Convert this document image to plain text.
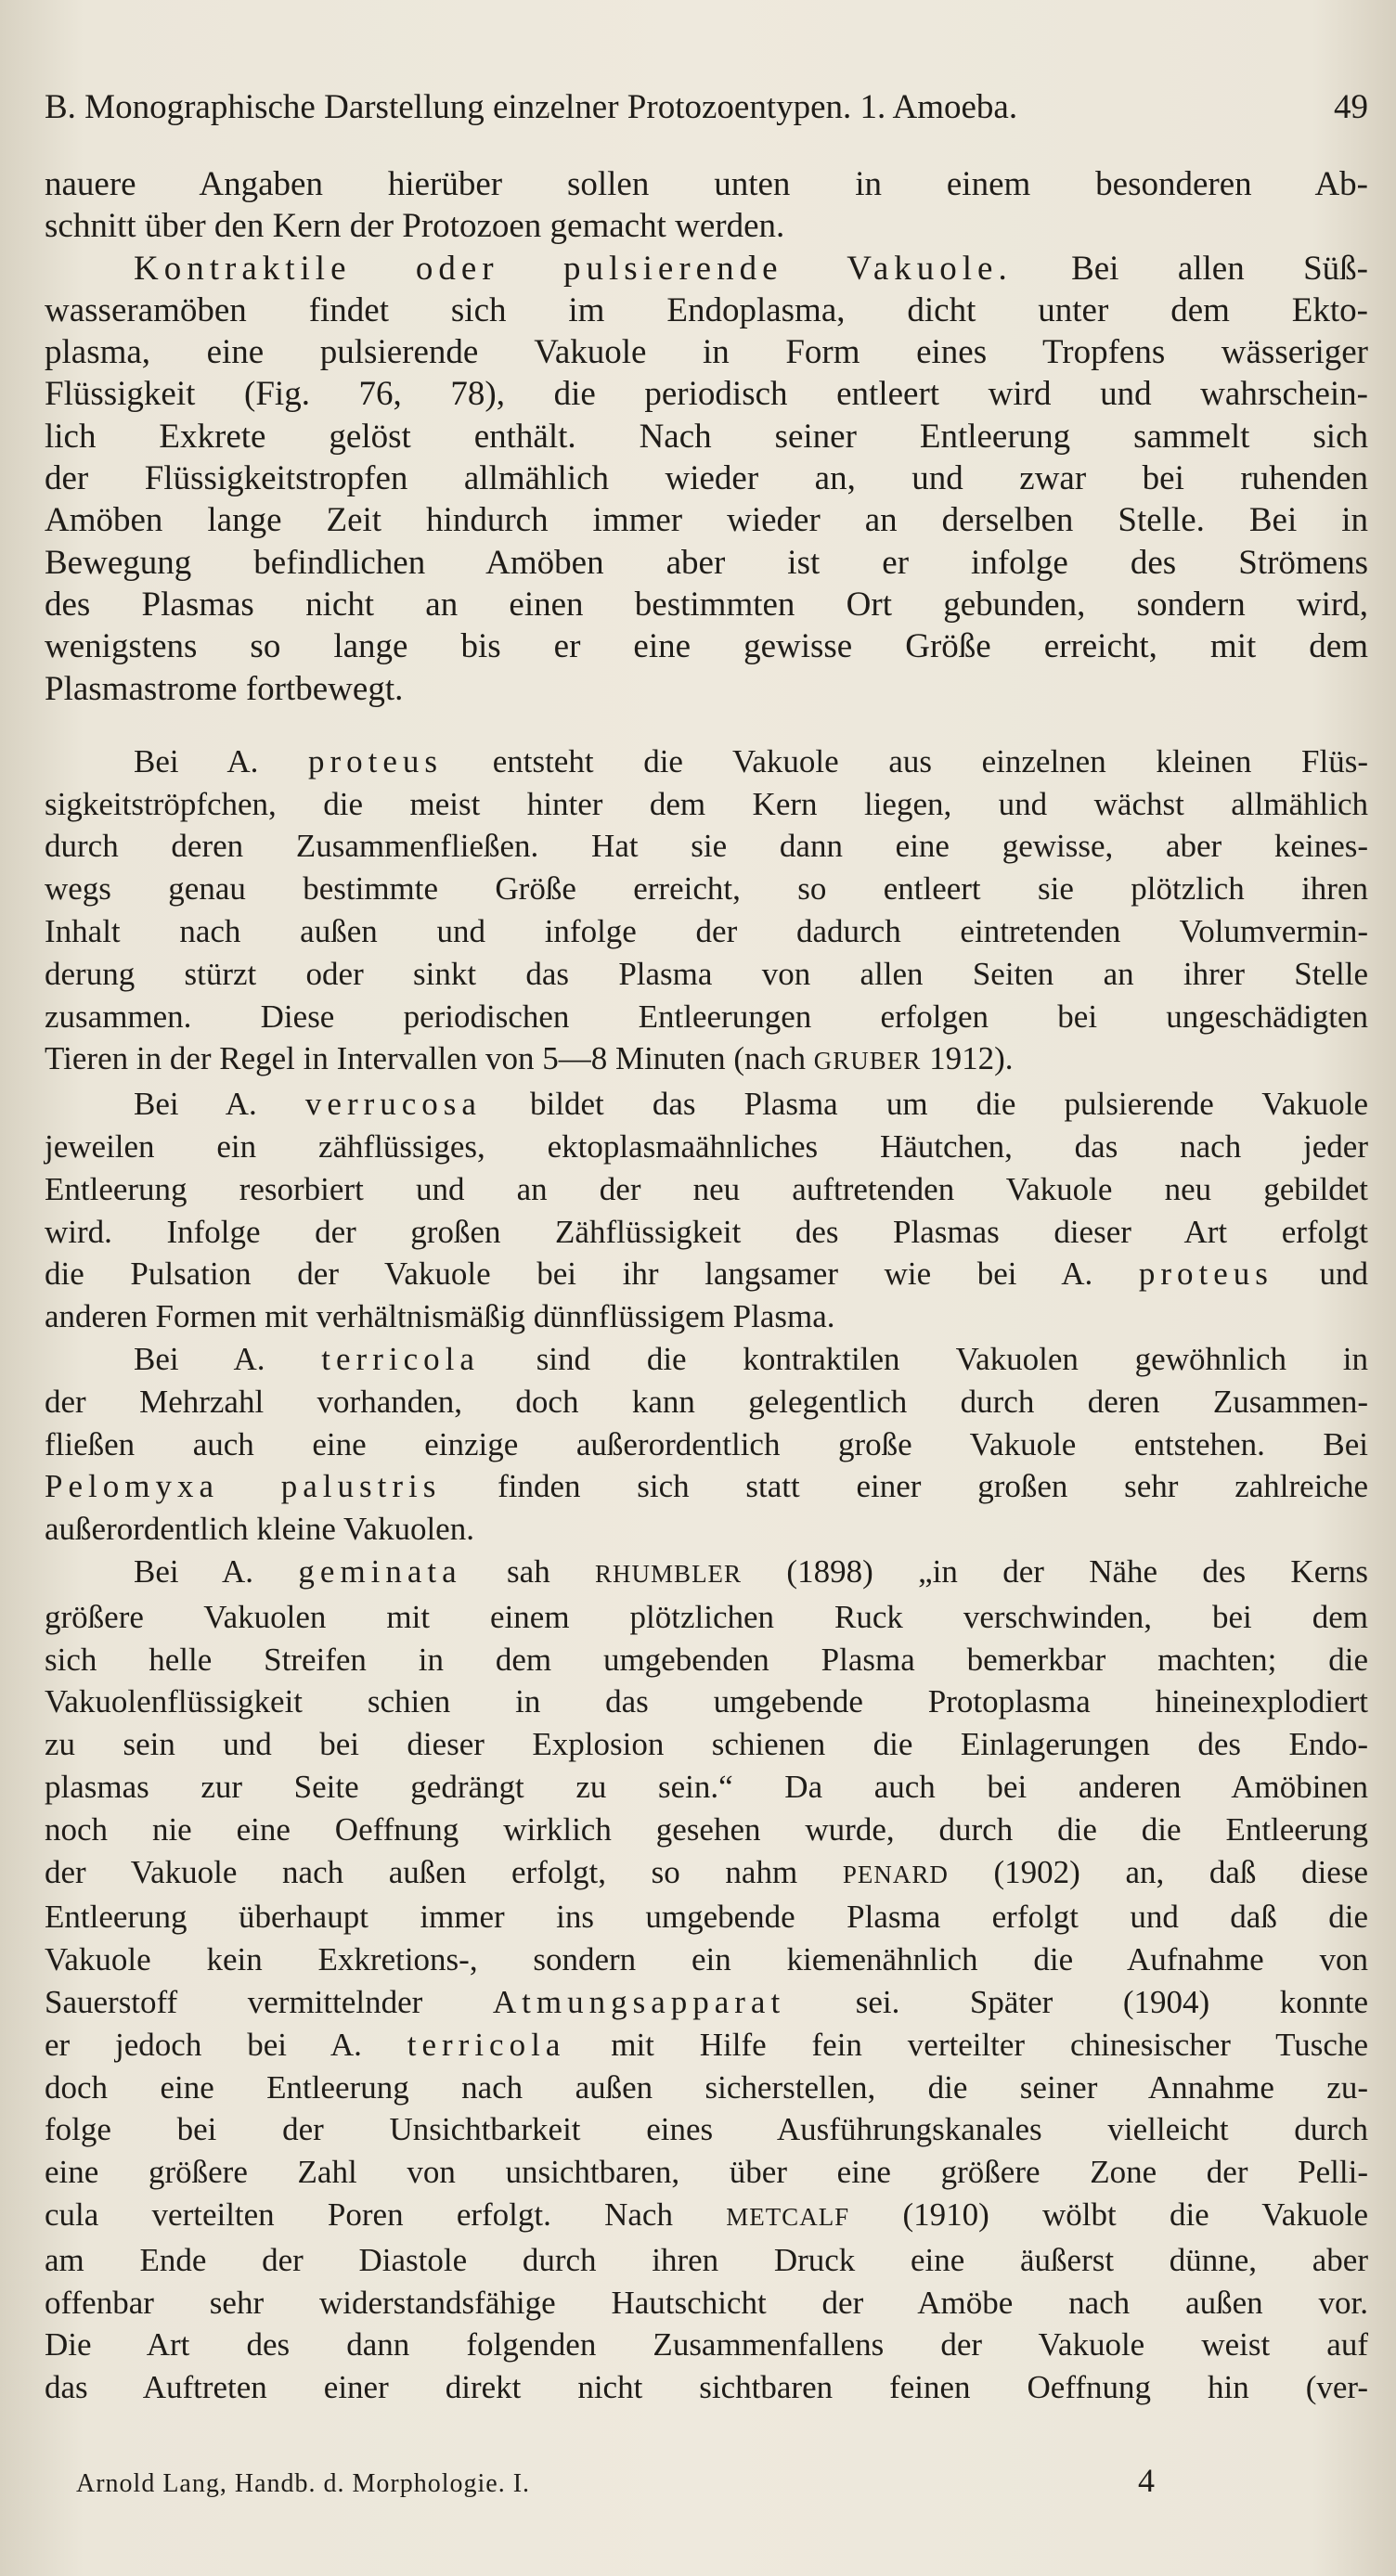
B. Monographische Darstellung einzelner Protozoentypen. 1. Amoeba.	49

nauere Angaben hierüber sollen unten in einem besonderen Ab-

schnitt über den Kern der Protozoen gemacht werden.

Kontraktile oder pulsierende Vakuole. Bei allen Süß-

wasseramöben findet sich im Endoplasma, dicht unter dem Ekto-

plasma, eine pulsierende Vakuole in Form eines Tropfens wässeriger

Flüssigkeit (Fig. 76, 78), die periodisch entleert wird und wahrschein-

lich Exkrete gelöst enthält. Nach seiner Entleerung sammelt sich

der Flüssigkeitstropfen allmählich wieder an, und zwar bei ruhenden

Amöben lange Zeit hindurch immer wieder an derselben Stelle. Bei in

Bewegung befindlichen Amöben aber ist er infolge des Strömens

des Plasmas nicht an einen bestimmten Ort gebunden, sondern wird,

wenigstens so lange bis er eine gewisse Größe erreicht, mit dem

Plasmastrome fortbewegt.

Bei A. proteus entsteht die Vakuole aus einzelnen kleinen Flüs-

sigkeitströpfchen, die meist hinter dem Kern liegen, und wächst allmählich

durch deren Zusammenfließen. Hat sie dann eine gewisse, aber keines-

wegs genau bestimmte Größe erreicht, so entleert sie plötzlich ihren

Inhalt nach außen und infolge der dadurch eintretenden Volumvermin-

derung stürzt oder sinkt das Plasma von allen Seiten an ihrer Stelle

zusammen. Diese periodischen Entleerungen erfolgen bei ungeschädigten

Tieren in der Regel in Intervallen von 5—8 Minuten (nach GRUBER 1912).

Bei A. verrucosa bildet das Plasma um die pulsierende Vakuole

jeweilen ein zähflüssiges, ektoplasmaähnliches Häutchen, das nach jeder

Entleerung resorbiert und an der neu auftretenden Vakuole neu gebildet

wird. Infolge der großen Zähflüssigkeit des Plasmas dieser Art erfolgt

die Pulsation der Vakuole bei ihr langsamer wie bei A. proteus und

anderen Formen mit verhältnismäßig dünnflüssigem Plasma.

Bei A. terricola sind die kontraktilen Vakuolen gewöhnlich in

der Mehrzahl vorhanden, doch kann gelegentlich durch deren Zusammen-

fließen auch eine einzige außerordentlich große Vakuole entstehen. Bei

Pelomyxa palustris finden sich statt einer großen sehr zahlreiche

außerordentlich kleine Vakuolen.

Bei A. geminata sah RHUMBLER (1898) „in der Nähe des Kerns

größere Vakuolen mit einem plötzlichen Ruck verschwinden, bei dem

sich helle Streifen in dem umgebenden Plasma bemerkbar machten; die

Vakuolenflüssigkeit schien in das umgebende Protoplasma hineinexplodiert

zu sein und bei dieser Explosion schienen die Einlagerungen des Endo-

plasmas zur Seite gedrängt zu sein.“ Da auch bei anderen Amöbinen

noch nie eine Oeffnung wirklich gesehen wurde, durch die die Entleerung

der Vakuole nach außen erfolgt, so nahm PENARD (1902) an, daß diese

Entleerung überhaupt immer ins umgebende Plasma erfolgt und daß die

Vakuole kein Exkretions-, sondern ein kiemenähnlich die Aufnahme von

Sauerstoff vermittelnder Atmungsapparat sei. Später (1904) konnte

er jedoch bei A. terricola mit Hilfe fein verteilter chinesischer Tusche

doch eine Entleerung nach außen sicherstellen, die seiner Annahme zu-

folge bei der Unsichtbarkeit eines Ausführungskanales vielleicht durch

eine größere Zahl von unsichtbaren, über eine größere Zone der Pelli-

cula verteilten Poren erfolgt. Nach METCALF (1910) wölbt die Vakuole

am Ende der Diastole durch ihren Druck eine äußerst dünne, aber

offenbar sehr widerstandsfähige Hautschicht der Amöbe nach außen vor.

Die Art des dann folgenden Zusammenfallens der Vakuole weist auf

das Auftreten einer direkt nicht sichtbaren feinen Oeffnung hin (ver-

Arnold Lang, Handb. d. Morphologie. I.	4
